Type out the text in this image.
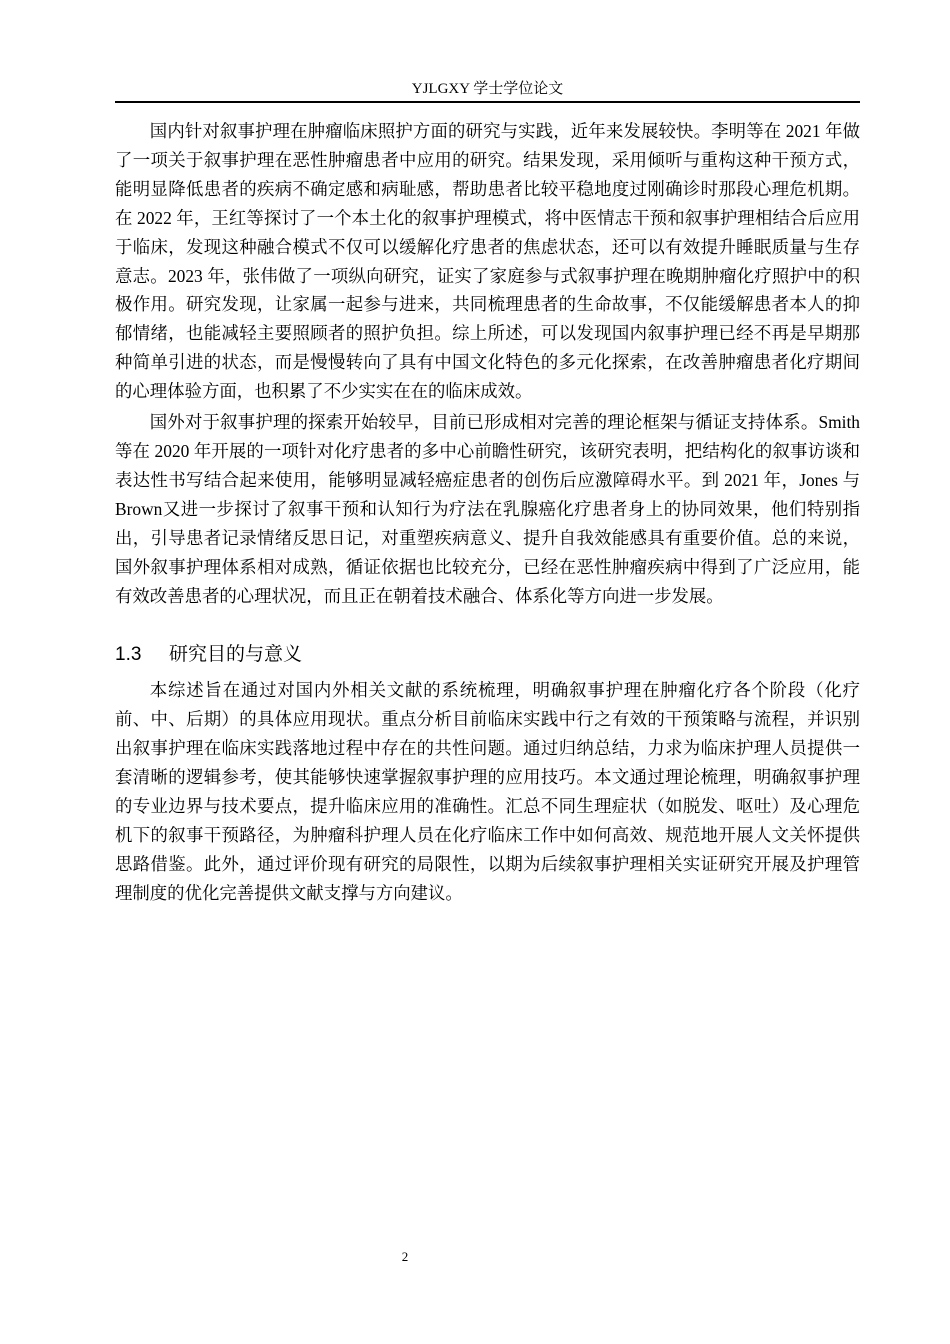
YJLGXY 学士学位论文

国内针对叙事护理在肿瘤临床照护方面的研究与实践，近年来发展较快。李明等在 2021 年做了一项关于叙事护理在恶性肿瘤患者中应用的研究。结果发现，采用倾听与重构这种干预方式，能明显降低患者的疾病不确定感和病耻感，帮助患者比较平稳地度过刚确诊时那段心理危机期。在 2022 年，王红等探讨了一个本土化的叙事护理模式，将中医情志干预和叙事护理相结合后应用于临床，发现这种融合模式不仅可以缓解化疗患者的焦虑状态，还可以有效提升睡眠质量与生存意志。2023 年，张伟做了一项纵向研究，证实了家庭参与式叙事护理在晚期肿瘤化疗照护中的积极作用。研究发现，让家属一起参与进来，共同梳理患者的生命故事，不仅能缓解患者本人的抑郁情绪，也能减轻主要照顾者的照护负担。综上所述，可以发现国内叙事护理已经不再是早期那种简单引进的状态，而是慢慢转向了具有中国文化特色的多元化探索，在改善肿瘤患者化疗期间的心理体验方面，也积累了不少实实在在的临床成效。

国外对于叙事护理的探索开始较早，目前已形成相对完善的理论框架与循证支持体系。Smith 等在 2020 年开展的一项针对化疗患者的多中心前瞻性研究，该研究表明，把结构化的叙事访谈和表达性书写结合起来使用，能够明显减轻癌症患者的创伤后应激障碍水平。到 2021 年，Jones 与 Brown又进一步探讨了叙事干预和认知行为疗法在乳腺癌化疗患者身上的协同效果，他们特别指出，引导患者记录情绪反思日记，对重塑疾病意义、提升自我效能感具有重要价值。总的来说，国外叙事护理体系相对成熟，循证依据也比较充分，已经在恶性肿瘤疾病中得到了广泛应用，能有效改善患者的心理状况，而且正在朝着技术融合、体系化等方向进一步发展。

1.3 研究目的与意义

本综述旨在通过对国内外相关文献的系统梳理，明确叙事护理在肿瘤化疗各个阶段（化疗前、中、后期）的具体应用现状。重点分析目前临床实践中行之有效的干预策略与流程，并识别出叙事护理在临床实践落地过程中存在的共性问题。通过归纳总结，力求为临床护理人员提供一套清晰的逻辑参考，使其能够快速掌握叙事护理的应用技巧。本文通过理论梳理，明确叙事护理的专业边界与技术要点，提升临床应用的准确性。汇总不同生理症状（如脱发、呕吐）及心理危机下的叙事干预路径，为肿瘤科护理人员在化疗临床工作中如何高效、规范地开展人文关怀提供思路借鉴。此外，通过评价现有研究的局限性，以期为后续叙事护理相关实证研究开展及护理管理制度的优化完善提供文献支撑与方向建议。

2
